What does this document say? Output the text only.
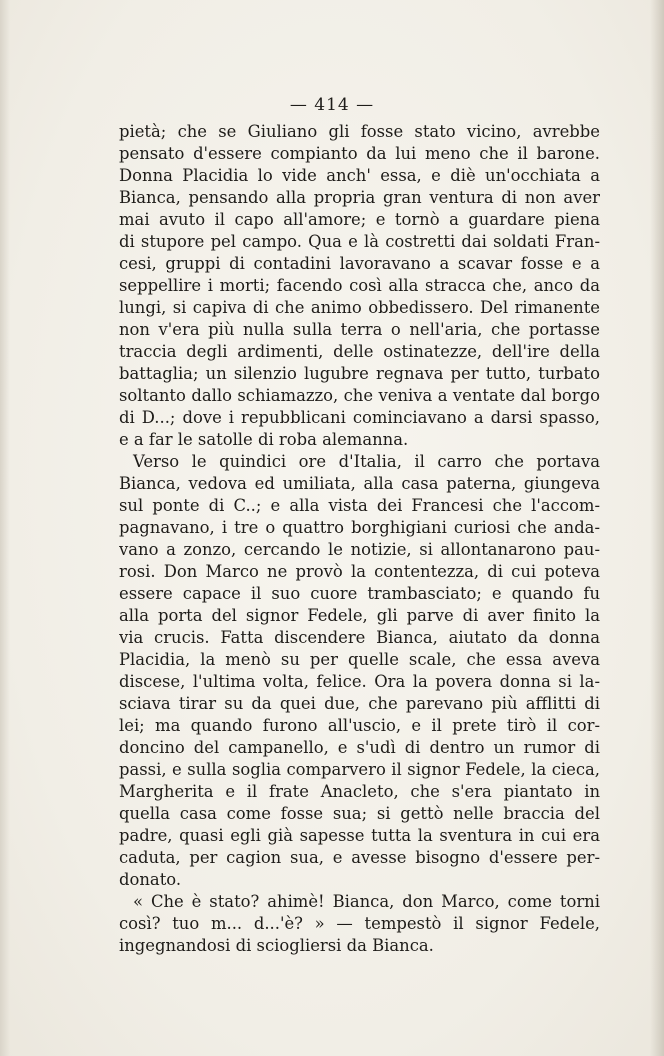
— 414 —
pietà; che se Giuliano gli fosse stato vicino, avrebbe
pensato d'essere compianto da lui meno che il barone.
Donna Placidia lo vide anch' essa, e diè un'occhiata a
Bianca, pensando alla propria gran ventura di non aver
mai avuto il capo all'amore; e tornò a guardare piena
di stupore pel campo. Qua e là costretti dai soldati Fran-
cesi, gruppi di contadini lavoravano a scavar fosse e a
seppellire i morti; facendo così alla stracca che, anco da
lungi, si capiva di che animo obbedissero. Del rimanente
non v'era più nulla sulla terra o nell'aria, che portasse
traccia degli ardimenti, delle ostinatezze, dell'ire della
battaglia; un silenzio lugubre regnava per tutto, turbato
soltanto dallo schiamazzo, che veniva a ventate dal borgo
di D...; dove i repubblicani cominciavano a darsi spasso,
e a far le satolle di roba alemanna.
Verso le quindici ore d'Italia, il carro che portava
Bianca, vedova ed umiliata, alla casa paterna, giungeva
sul ponte di C..; e alla vista dei Francesi che l'accom-
pagnavano, i tre o quattro borghigiani curiosi che anda-
vano a zonzo, cercando le notizie, si allontanarono pau-
rosi. Don Marco ne provò la contentezza, di cui poteva
essere capace il suo cuore trambasciato; e quando fu
alla porta del signor Fedele, gli parve di aver finito la
via crucis. Fatta discendere Bianca, aiutato da donna
Placidia, la menò su per quelle scale, che essa aveva
discese, l'ultima volta, felice. Ora la povera donna si la-
sciava tirar su da quei due, che parevano più afflitti di
lei; ma quando furono all'uscio, e il prete tirò il cor-
doncino del campanello, e s'udì di dentro un rumor di
passi, e sulla soglia comparvero il signor Fedele, la cieca,
Margherita e il frate Anacleto, che s'era piantato in
quella casa come fosse sua; si gettò nelle braccia del
padre, quasi egli già sapesse tutta la sventura in cui era
caduta, per cagion sua, e avesse bisogno d'essere per-
donato.
« Che è stato? ahimè! Bianca, don Marco, come torni
così? tuo m... d...'è? » — tempestò il signor Fedele,
ingegnandosi di sciogliersi da Bianca.
